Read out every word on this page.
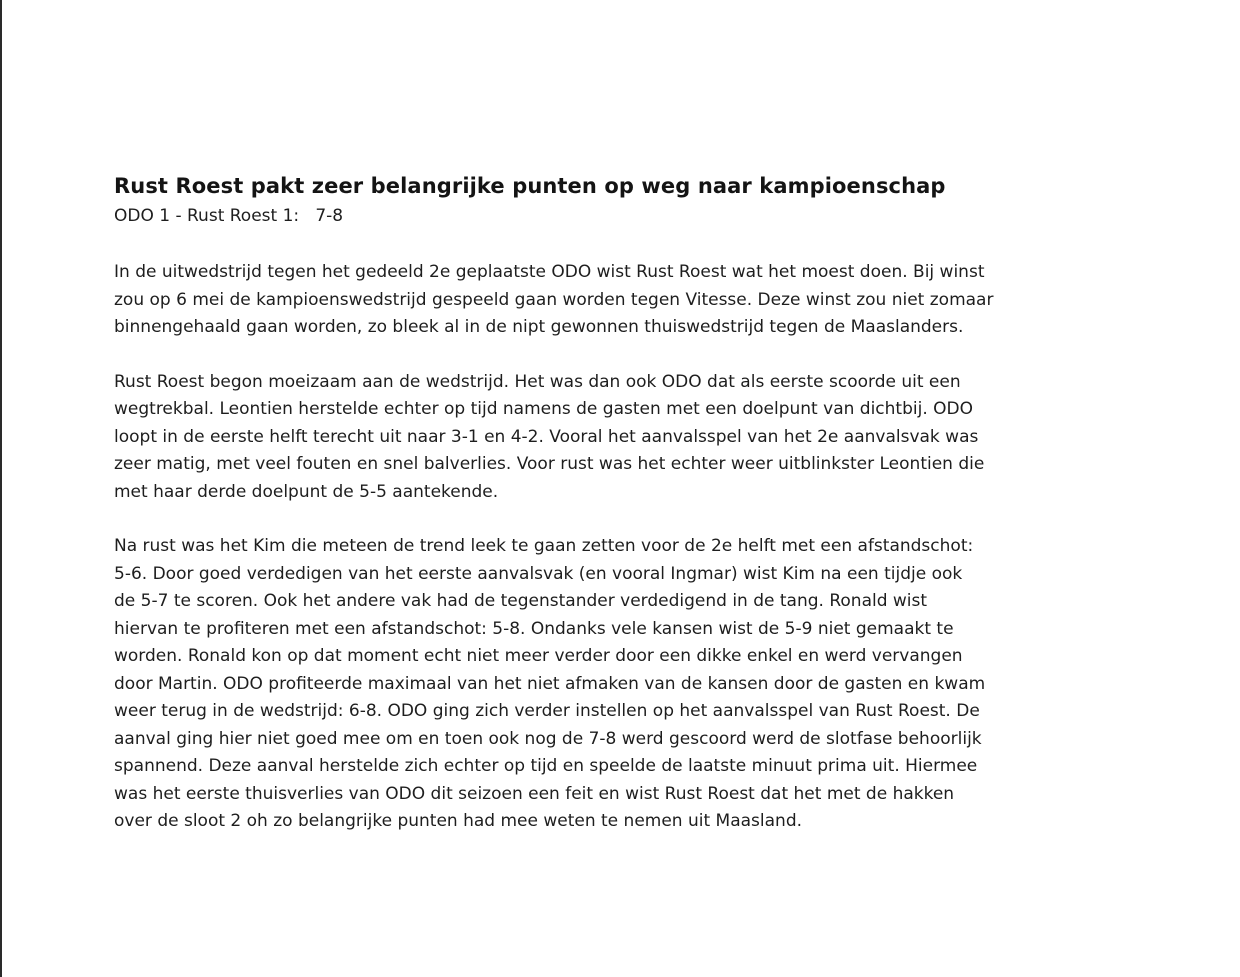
Rust Roest pakt zeer belangrijke punten op weg naar kampioenschap

ODO 1 - Rust Roest 1:   7-8

In de uitwedstrijd tegen het gedeeld 2e geplaatste ODO wist Rust Roest wat het moest doen. Bij winst
zou op 6 mei de kampioenswedstrijd gespeeld gaan worden tegen Vitesse. Deze winst zou niet zomaar
binnengehaald gaan worden, zo bleek al in de nipt gewonnen thuiswedstrijd tegen de Maaslanders.

Rust Roest begon moeizaam aan de wedstrijd. Het was dan ook ODO dat als eerste scoorde uit een
wegtrekbal. Leontien herstelde echter op tijd namens de gasten met een doelpunt van dichtbij. ODO
loopt in de eerste helft terecht uit naar 3-1 en 4-2. Vooral het aanvalsspel van het 2e aanvalsvak was
zeer matig, met veel fouten en snel balverlies. Voor rust was het echter weer uitblinkster Leontien die
met haar derde doelpunt de 5-5 aantekende.

Na rust was het Kim die meteen de trend leek te gaan zetten voor de 2e helft met een afstandschot:
5-6. Door goed verdedigen van het eerste aanvalsvak (en vooral Ingmar) wist Kim na een tijdje ook
de 5-7 te scoren. Ook het andere vak had de tegenstander verdedigend in de tang. Ronald wist
hiervan te profiteren met een afstandschot: 5-8. Ondanks vele kansen wist de 5-9 niet gemaakt te
worden. Ronald kon op dat moment echt niet meer verder door een dikke enkel en werd vervangen
door Martin. ODO profiteerde maximaal van het niet afmaken van de kansen door de gasten en kwam
weer terug in de wedstrijd: 6-8. ODO ging zich verder instellen op het aanvalsspel van Rust Roest. De
aanval ging hier niet goed mee om en toen ook nog de 7-8 werd gescoord werd de slotfase behoorlijk
spannend. Deze aanval herstelde zich echter op tijd en speelde de laatste minuut prima uit. Hiermee
was het eerste thuisverlies van ODO dit seizoen een feit en wist Rust Roest dat het met de hakken
over de sloot 2 oh zo belangrijke punten had mee weten te nemen uit Maasland.
